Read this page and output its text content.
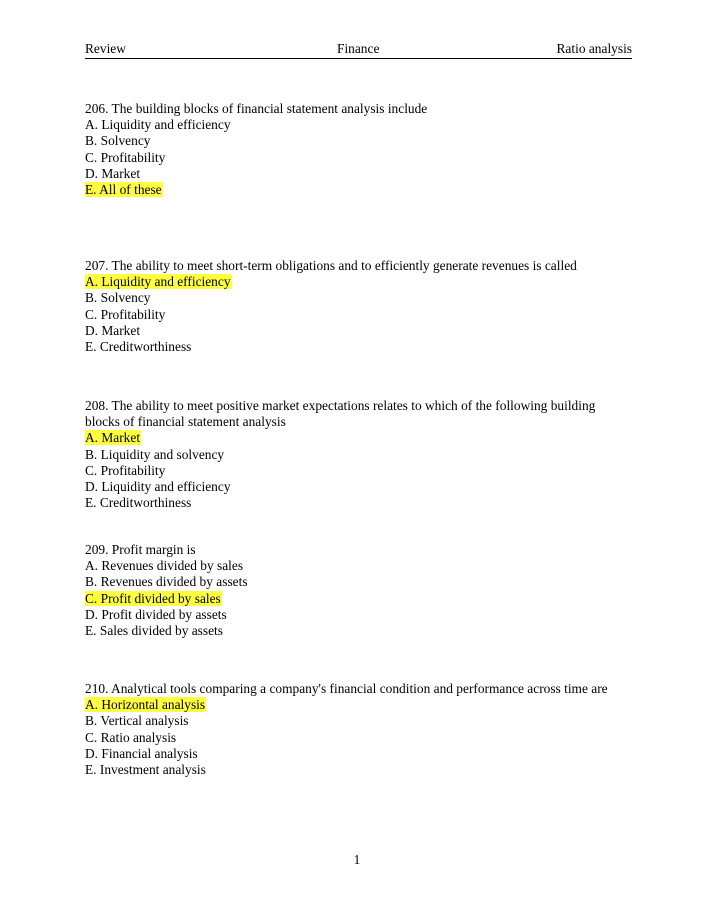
Review	Finance	Ratio analysis

206. The building blocks of financial statement analysis include

A. Liquidity and efficiency

B. Solvency

C. Profitability

D. Market

E. All of these

207. The ability to meet short-term obligations and to efficiently generate revenues is called

A. Liquidity and efficiency

B. Solvency

C. Profitability

D. Market

E. Creditworthiness

208. The ability to meet positive market expectations relates to which of the following building blocks of financial statement analysis

A. Market

B. Liquidity and solvency

C. Profitability

D. Liquidity and efficiency

E. Creditworthiness

209. Profit margin is

A. Revenues divided by sales

B. Revenues divided by assets

C. Profit divided by sales

D. Profit divided by assets

E. Sales divided by assets

210. Analytical tools comparing a company's financial condition and performance across time are

A. Horizontal analysis

B. Vertical analysis

C. Ratio analysis

D. Financial analysis

E. Investment analysis

1
